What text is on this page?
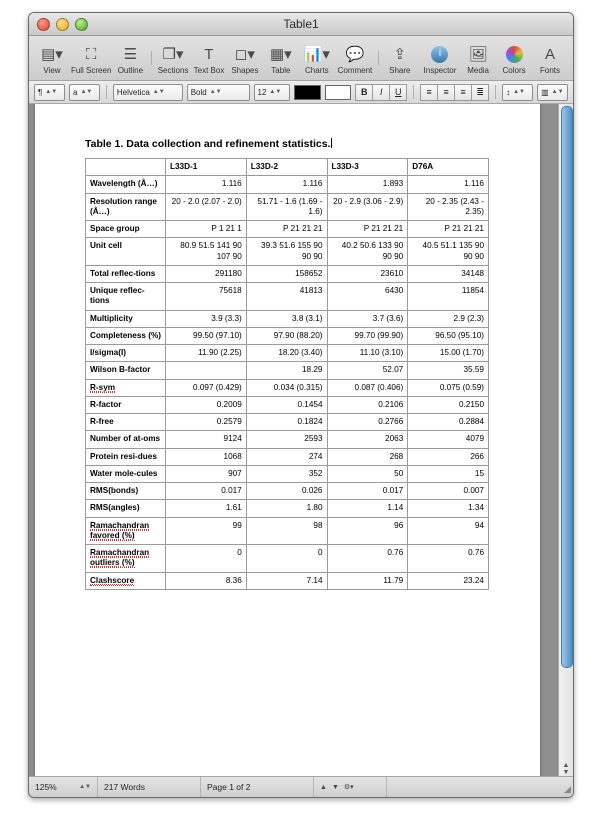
Table1
▤▾
View
⛶
Full Screen
☰
Outline
❐▾
Sections
T
Text Box
◻▾
Shapes
▦▾
Table
📊▾
Charts
💬
Comment
⇪
Share
i
Inspector
🖼
Media Colors
A
Fonts
¶ ▲▼ a ▲▼	Helvetica ▲▼	Bold ▲▼	12 ▲▼	B	I	U	≡	≡	≡	≣	↕ ▲▼ ▥ ▲▼
Table 1. Data collection and refinement statistics.
	L33D-1	L33D-2	L33D-3	D76A
Wavelength (Å…)	1.116	1.116	1.893	1.116
Resolution range (Å…)	20 - 2.0 (2.07 - 2.0)	51.71 - 1.6 (1.69 - 1.6)	20 - 2.9 (3.06 - 2.9)	20 - 2.35 (2.43 - 2.35)
Space group	P 1 21 1	P 21 21 21	P 21 21 21	P 21 21 21
Unit cell	80.9 51.5 141 90 107 90	39.3 51.6 155 90 90 90	40.2 50.6 133 90 90 90	40.5 51.1 135 90 90 90
Total reflec-tions	291180	158652	23610	34148
Unique reflec-tions	75618	41813	6430	11854
Multiplicity	3.9 (3.3)	3.8 (3.1)	3.7 (3.6)	2.9 (2.3)
Completeness (%)	99.50 (97.10)	97.90 (88.20)	99.70 (99.90)	96.50 (95.10)
I/sigma(I)	11.90 (2.25)	18.20 (3.40)	11.10 (3.10)	15.00 (1.70)
Wilson B-factor		18.29	52.07	35.59
R-sym	0.097 (0.429)	0.034 (0.315)	0.087 (0.406)	0.075 (0.59)
R-factor	0.2009	0.1454	0.2106	0.2150
R-free	0.2579	0.1824	0.2766	0.2884
Number of at-oms	9124	2593	2063	4079
Protein resi-dues	1068	274	268	266
Water mole-cules	907	352	50	15
RMS(bonds)	0.017	0.026	0.017	0.007
RMS(angles)	1.61	1.80	1.14	1.34
Ramachandran favored (%)	99	98	96	94
Ramachandran outliers (%)	0	0	0.76	0.76
Clashscore	8.36	7.14	11.79	23.24
▲
▼
125%	▲▼	217 Words	Page 1 of 2	▲ ▼ ⚙▾	◢
